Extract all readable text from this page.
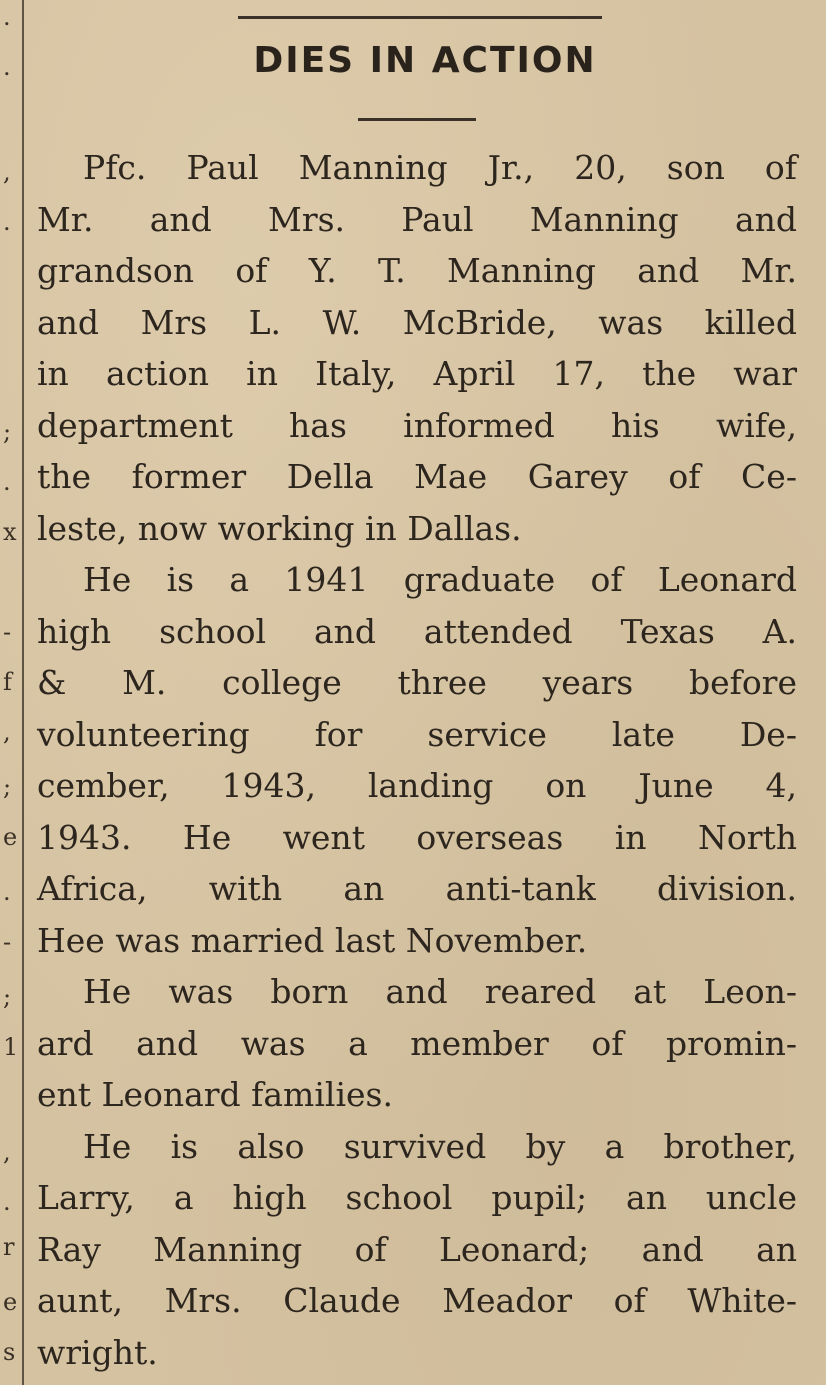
.
.
,
.
;
.
x
-
f
,
;
e
.
-
;
1
,
.
r
e
s
DIES IN ACTION
Pfc. Paul Manning Jr., 20, son of
Mr. and Mrs. Paul Manning and
grandson of Y. T. Manning and Mr.
and Mrs L. W. McBride, was killed
in action in Italy, April 17, the war
department has informed his wife,
the former Della Mae Garey of Ce-
leste, now working in Dallas.
He is a 1941 graduate of Leonard
high school and attended Texas A.
& M. college three years before
volunteering for service late De-
cember, 1943, landing on June 4,
1943. He went overseas in North
Africa, with an anti-tank division.
Hee was married last November.
He was born and reared at Leon-
ard and was a member of promin-
ent Leonard families.
He is also survived by a brother,
Larry, a high school pupil; an uncle
Ray Manning of Leonard; and an
aunt, Mrs. Claude Meador of White-
wright.
